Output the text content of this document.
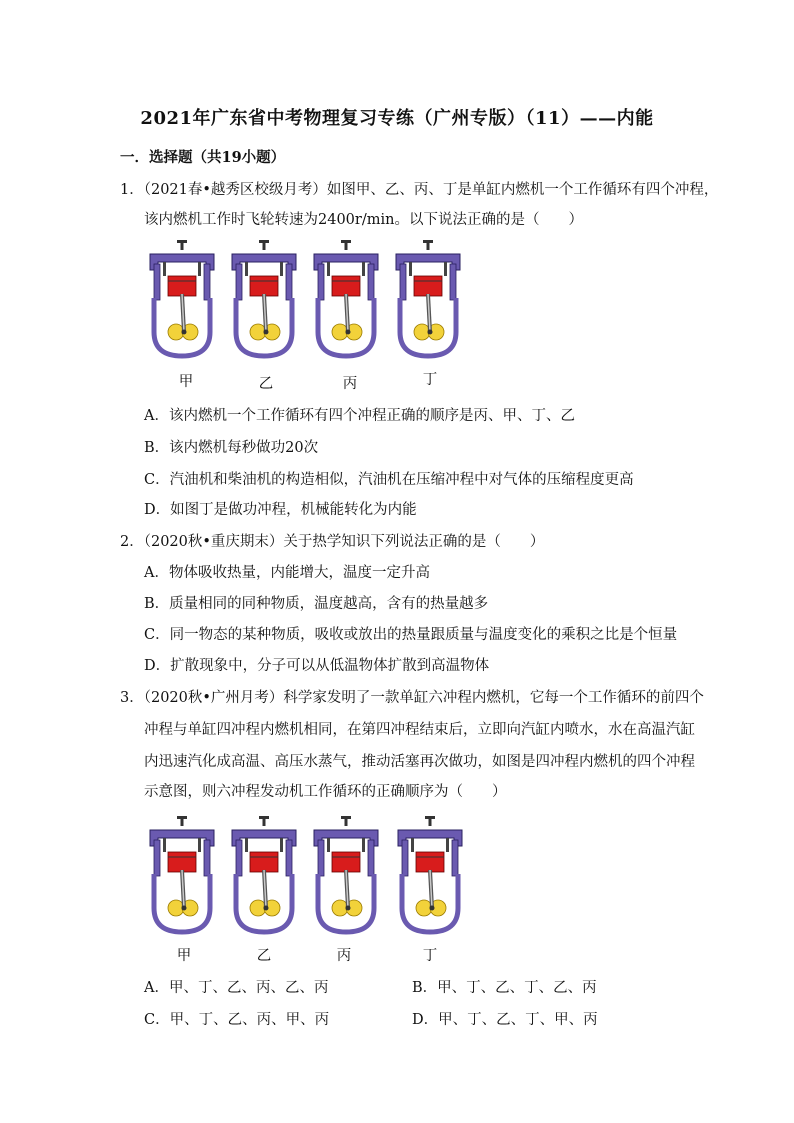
2021年广东省中考物理复习专练（广州专版）（11）——内能
一．选择题（共19小题）
1．（2021春•越秀区校级月考）如图甲、乙、丙、丁是单缸内燃机一个工作循环有四个冲程，
该内燃机工作时飞轮转速为2400r/min。以下说法正确的是（　　）
甲	乙	丙	丁
A．该内燃机一个工作循环有四个冲程正确的顺序是丙、甲、丁、乙
B．该内燃机每秒做功20次
C．汽油机和柴油机的构造相似，汽油机在压缩冲程中对气体的压缩程度更高
D．如图丁是做功冲程，机械能转化为内能
2．（2020秋•重庆期末）关于热学知识下列说法正确的是（　　）
A．物体吸收热量，内能增大，温度一定升高
B．质量相同的同种物质，温度越高，含有的热量越多
C．同一物态的某种物质，吸收或放出的热量跟质量与温度变化的乘积之比是个恒量
D．扩散现象中，分子可以从低温物体扩散到高温物体
3．（2020秋•广州月考）科学家发明了一款单缸六冲程内燃机，它每一个工作循环的前四个
冲程与单缸四冲程内燃机相同，在第四冲程结束后，立即向汽缸内喷水，水在高温汽缸
内迅速汽化成高温、高压水蒸气，推动活塞再次做功，如图是四冲程内燃机的四个冲程
示意图，则六冲程发动机工作循环的正确顺序为（　　）
甲	乙	丙	丁
A．甲、丁、乙、丙、乙、丙	B．甲、丁、乙、丁、乙、丙
C．甲、丁、乙、丙、甲、丙	D．甲、丁、乙、丁、甲、丙
